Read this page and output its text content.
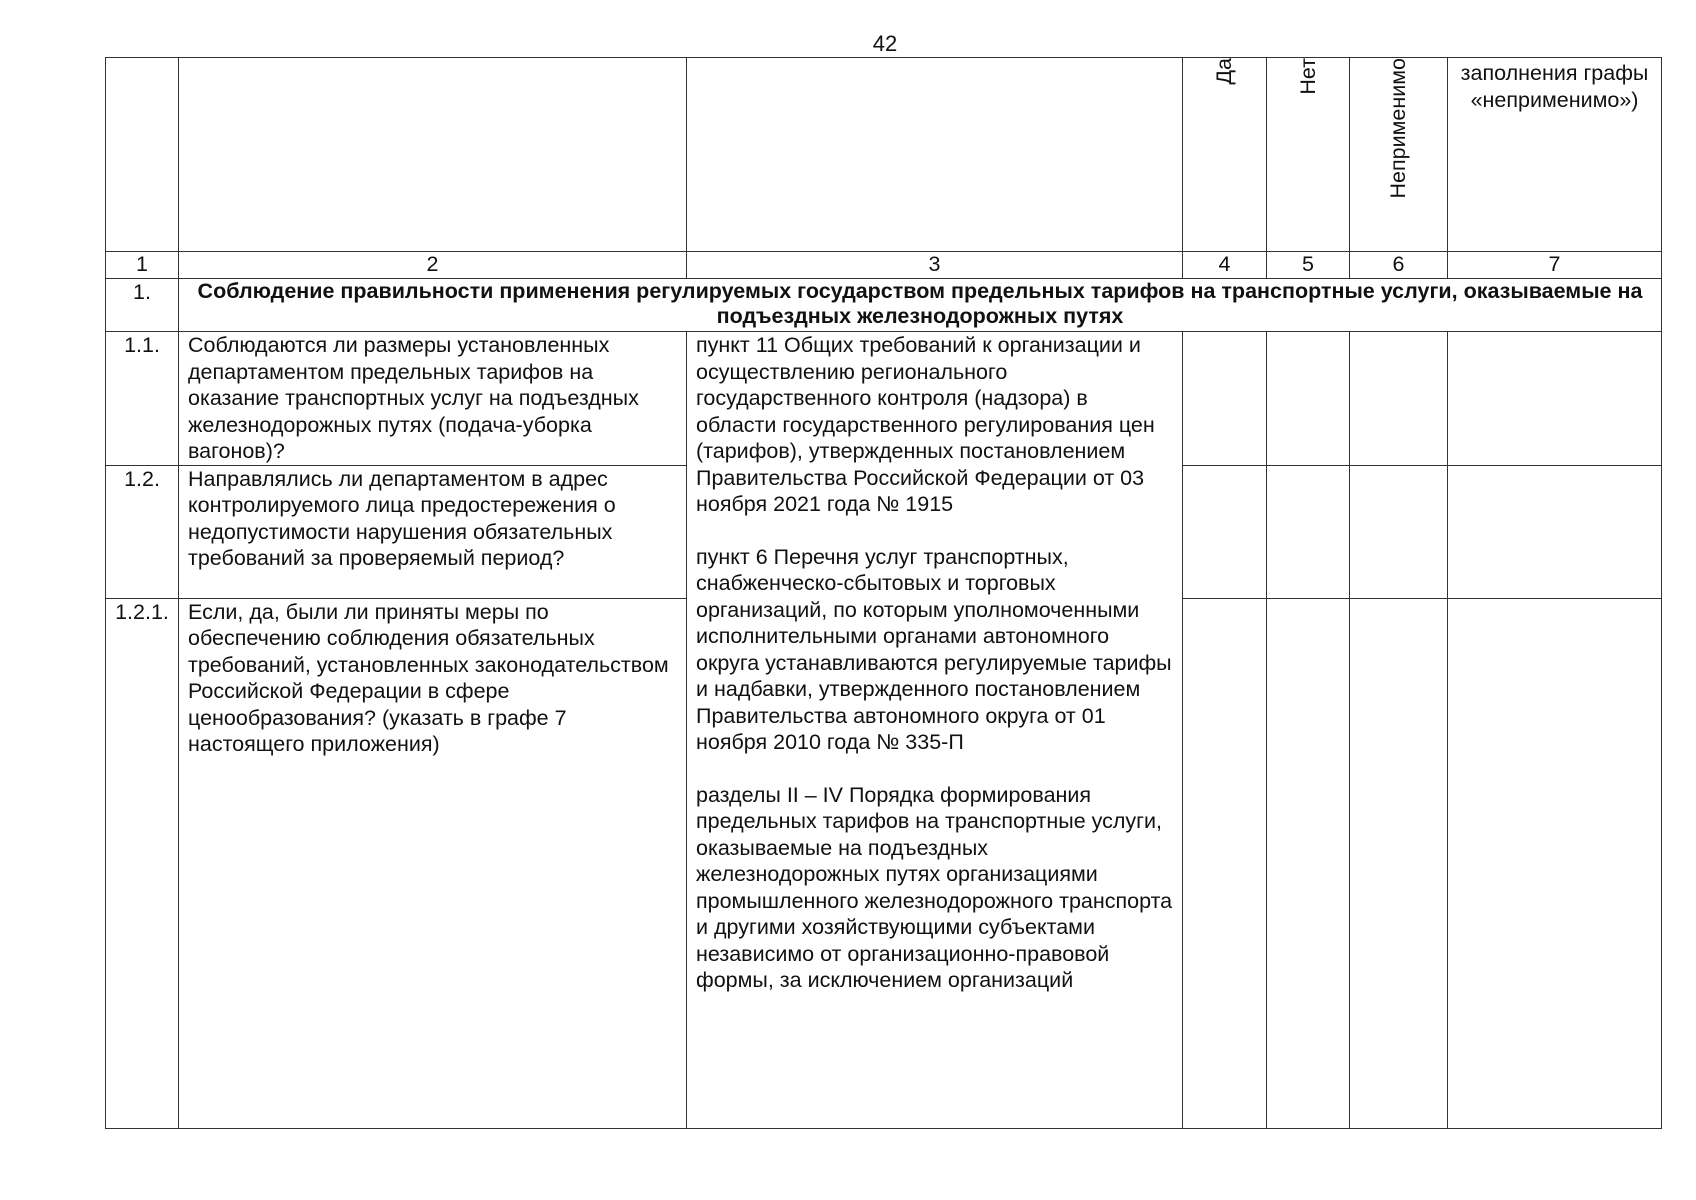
42

			Да	Нет	Неприменимо	заполнения графы «неприменимо»)
1	2	3	4	5	6	7
1.	Соблюдение правильности применения регулируемых государством предельных тарифов на транспортные услуги, оказываемые на подъездных железнодорожных путях					
1.1.	Соблюдаются ли размеры установленных департаментом предельных тарифов на оказание транспортных услуг на подъездных железнодорожных путях (подача-уборка вагонов)?	пункт 11 Общих требований к организации и осуществлению регионального государственного контроля (надзора) в области государственного регулирования цен (тарифов), утвержденных постановлением Правительства Российской Федерации от 03 ноября 2021 года № 1915

пункт 6 Перечня услуг транспортных, снабженческо-сбытовых и торговых организаций, по которым уполномоченными исполнительными органами автономного округа устанавливаются регулируемые тарифы и надбавки, утвержденного постановлением Правительства автономного округа от 01 ноября 2010 года № 335-П

разделы II – IV Порядка формирования предельных тарифов на транспортные услуги, оказываемые на подъездных железнодорожных путях организациями промышленного железнодорожного транспорта и другими хозяйствующими субъектами независимо от организационно-правовой формы, за исключением организаций				

1.2.	Направлялись ли департаментом в адрес контролируемого лица предостережения о недопустимости нарушения обязательных требований за проверяемый период?					
1.2.1.	Если, да, были ли приняты меры по обеспечению соблюдения обязательных требований, установленных законодательством Российской Федерации в сфере ценообразования? (указать в графе 7 настоящего приложения)					
